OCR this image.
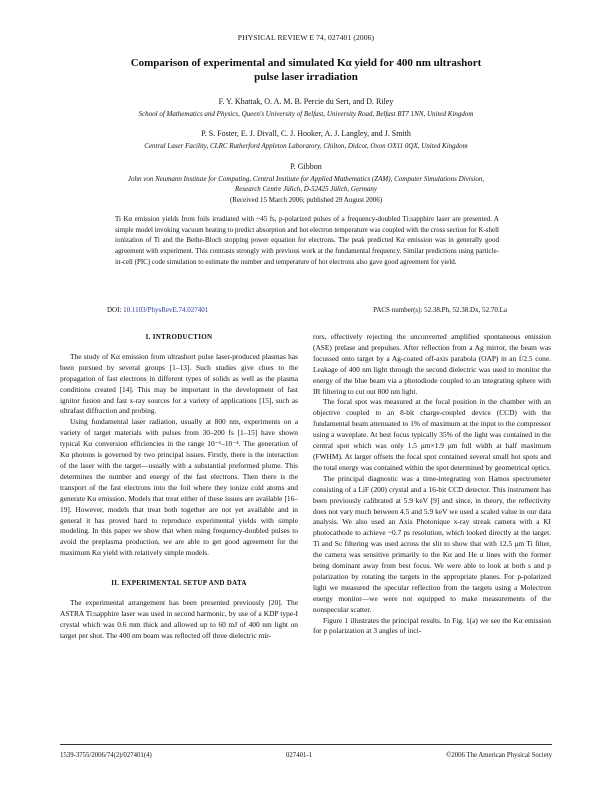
PHYSICAL REVIEW E 74, 027401 (2006)
Comparison of experimental and simulated Kα yield for 400 nm ultrashort
pulse laser irradiation
F. Y. Khattak, O. A. M. B. Percie du Sert, and D. Riley
School of Mathematics and Physics, Queen's University of Belfast, University Road, Belfast BT7 1NN, United Kingdom
P. S. Foster, E. J. Divall, C. J. Hooker, A. J. Langley, and J. Smith
Central Laser Facility, CLRC Rutherford Appleton Laboratory, Chilton, Didcot, Oxon OX11 0QX, United Kingdom
P. Gibbon
John von Neumann Institute for Computing, Central Institute for Applied Mathematics (ZAM), Computer Simulations Division,
Research Centre Jülich, D-52425 Jülich, Germany
(Received 15 March 2006; published 29 August 2006)
Ti Kα emission yields from foils irradiated with ~45 fs, p-polarized pulses of a frequency-doubled Ti:sapphire laser are presented. A simple model invoking vacuum heating to predict absorption and hot electron temperature was coupled with the cross section for K-shell ionization of Ti and the Bethe-Bloch stopping power equation for electrons. The peak predicted Kα emission was in generally good agreement with experiment. This contrasts strongly with previous work at the fundamental frequency. Similar predictions using particle-in-cell (PIC) code simulation to estimate the number and temperature of hot electrons also gave good agreement for yield.
DOI: 10.1103/PhysRevE.74.027401	PACS number(s): 52.38.Ph, 52.38.Dx, 52.70.La
I. INTRODUCTION

The study of Kα emission from ultrashort pulse laser-produced plasmas has been pursued by several groups [1–13]. Such studies give clues to the propagation of fast electrons in different types of solids as well as the plasma conditions created [14]. This may be important in the development of fast ignitor fusion and fast x-ray sources for a variety of applications [15], such as ultrafast diffraction and probing.

Using fundamental laser radiation, usually at 800 nm, experiments on a variety of target materials with pulses from 30–200 fs [1–15] have shown typical Kα conversion efficiencies in the range 10⁻⁶–10⁻⁴. The generation of Kα photons is governed by two principal issues. Firstly, there is the interaction of the laser with the target—usually with a substantial preformed plume. This determines the number and energy of the fast electrons. Then there is the transport of the fast electrons into the foil where they ionize cold atoms and generate Kα emission. Models that treat either of these issues are available [16–19]. However, models that treat both together are not yet available and in general it has proved hard to reproduce experimental yields with simple modeling. In this paper we show that when using frequency-doubled pulses to avoid the preplasma production, we are able to get good agreement for the maximum Kα yield with relatively simple models.

II. EXPERIMENTAL SETUP AND DATA

The experimental arrangement has been presented previously [20]. The ASTRA Ti:sapphire laser was used in second harmonic, by use of a KDP type-I crystal which was 0.6 mm thick and allowed up to 60 mJ of 400 nm light on target per shot. The 400 nm beam was reflected off three dielectric mir-

rors, effectively rejecting the unconverted amplified spontaneous emission (ASE) prelase and prepulses. After reflection from a Ag mirror, the beam was focussed onto target by a Ag-coated off-axis parabola (OAP) in an f/2.5 cone. Leakage of 400 nm light through the second dielectric was used to monitor the energy of the blue beam via a photodiode coupled to an integrating sphere with IR filtering to cut out 800 nm light.

The focal spot was measured at the focal position in the chamber with an objective coupled to an 8-bit charge-coupled device (CCD) with the fundamental beam attenuated to 1% of maximum at the input to the compressor using a waveplate. At best focus typically 35% of the light was contained in the central spot which was only 1.5 μm×1.9 μm full width at half maximum (FWHM). At larger offsets the focal spot contained several small hot spots and the total energy was contained within the spot determined by geometrical optics.

The principal diagnostic was a time-integrating von Hamos spectrometer consisting of a LiF (200) crystal and a 16-bit CCD detector. This instrument has been previously calibrated at 5.9 keV [9] and since, in theory, the reflectivity does not vary much between 4.5 and 5.9 keV we used a scaled value in our data analysis. We also used an Axis Photonique x-ray streak camera with a KI photocathode to achieve ~0.7 ps resolution, which looked directly at the target. Ti and Sc filtering was used across the slit to show that with 12.5 μm Ti filter, the camera was sensitive primarily to the Kα and He α lines with the former being dominant away from best focus. We were able to look at both s and p polarization by rotating the targets in the appropriate planes. For p-polarized light we measured the specular reflection from the targets using a Molectron energy monitor—we were not equipped to make measurements of the nonspecular scatter.

Figure 1 illustrates the principal results. In Fig. 1(a) we see the Kα emission for p polarization at 3 angles of inci-

1539-3755/2006/74(2)/027401(4)	027401-1	©2006 The American Physical Society
